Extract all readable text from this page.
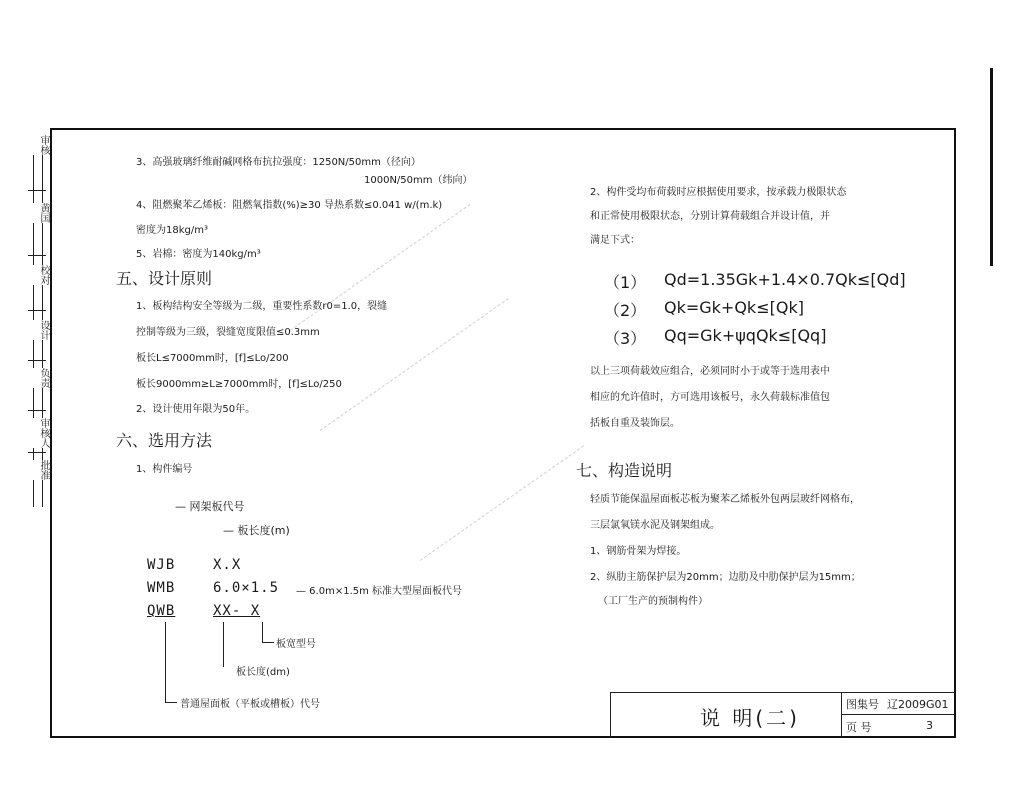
审核
黄国
校对
设计
负责
审核人
批准
3、高强玻璃纤维耐碱网格布抗拉强度：1250N/50mm（径向）
1000N/50mm（纬向）
4、阻燃聚苯乙烯板：阻燃氧指数(%)≥30 导热系数≤0.041 w/(m.k)
密度为18kg/m³
5、岩棉：密度为140kg/m³
五、设计原则
1、板构结构安全等级为二级，重要性系数r0=1.0，裂缝
控制等级为三级，裂缝宽度限值≤0.3mm
板长L≤7000mm时，[f]≤Lo/200
板长9000mm≥L≥7000mm时，[f]≤Lo/250
2、设计使用年限为50年。
六、选用方法
1、构件编号
— 网架板代号
— 板长度(m)
WJB	X.X
WMB	6.0×1.5 — 6.0m×1.5m 标准大型屋面板代号
QWB	XX- X
板宽型号
板长度(dm)
普通屋面板（平板或槽板）代号
2、构件受均布荷载时应根据使用要求，按承载力极限状态
和正常使用极限状态，分别计算荷载组合并设计值，并
满足下式：
（1） Qd=1.35Gk+1.4×0.7Qk≤[Qd]
（2） Qk=Gk+Qk≤[Qk]
（3） Qq=Gk+ψqQk≤[Qq]
以上三项荷载效应组合，必须同时小于或等于选用表中
相应的允许值时，方可选用该板号，永久荷载标准值包
括板自重及装饰层。
七、构造说明
轻质节能保温屋面板芯板为聚苯乙烯板外包两层玻纤网格布，
三层氯氧镁水泥及钢架组成。
1、钢筋骨架为焊接。
2、纵肋主筋保护层为20mm；边肋及中肋保护层为15mm；
（工厂生产的预制构件）
说 明(二)
图集号 辽2009G01
页 号	3
